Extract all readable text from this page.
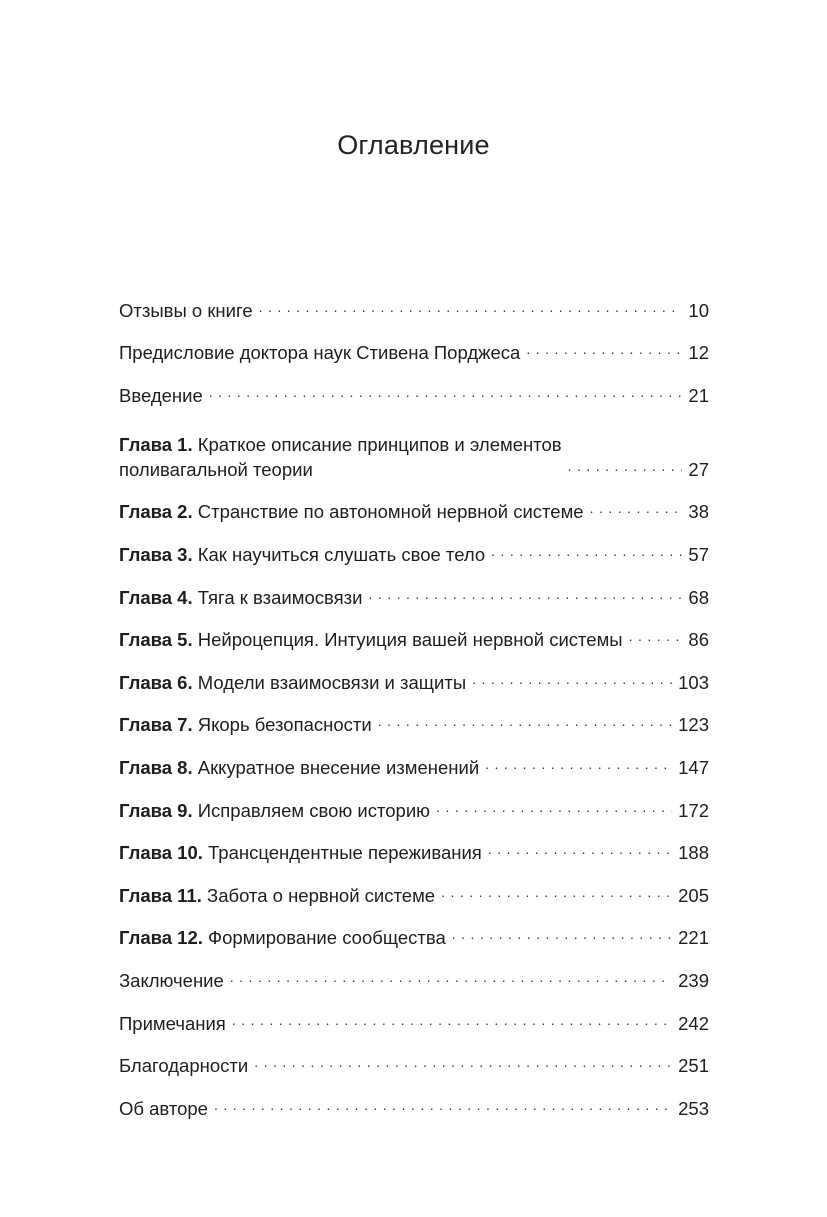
Оглавление
Отзывы о книге . . .	10
Предисловие доктора наук Стивена Порджеса . . .	12
Введение . . .	21
Глава 1. Краткое описание принципов и элементов
поливагальной теории . . .	27
Глава 2. Странствие по автономной нервной системе . . .	38
Глава 3. Как научиться слушать свое тело . . .	57
Глава 4. Тяга к взаимосвязи . . .	68
Глава 5. Нейроцепция. Интуиция вашей нервной системы . . .	86
Глава 6. Модели взаимосвязи и защиты . . .	103
Глава 7. Якорь безопасности . . .	123
Глава 8. Аккуратное внесение изменений . . .	147
Глава 9. Исправляем свою историю . . .	172
Глава 10. Трансцендентные переживания . . .	188
Глава 11. Забота о нервной системе . . .	205
Глава 12. Формирование сообщества . . .	221
Заключение . . .	239
Примечания . . .	242
Благодарности . . .	251
Об авторе . . .	253
